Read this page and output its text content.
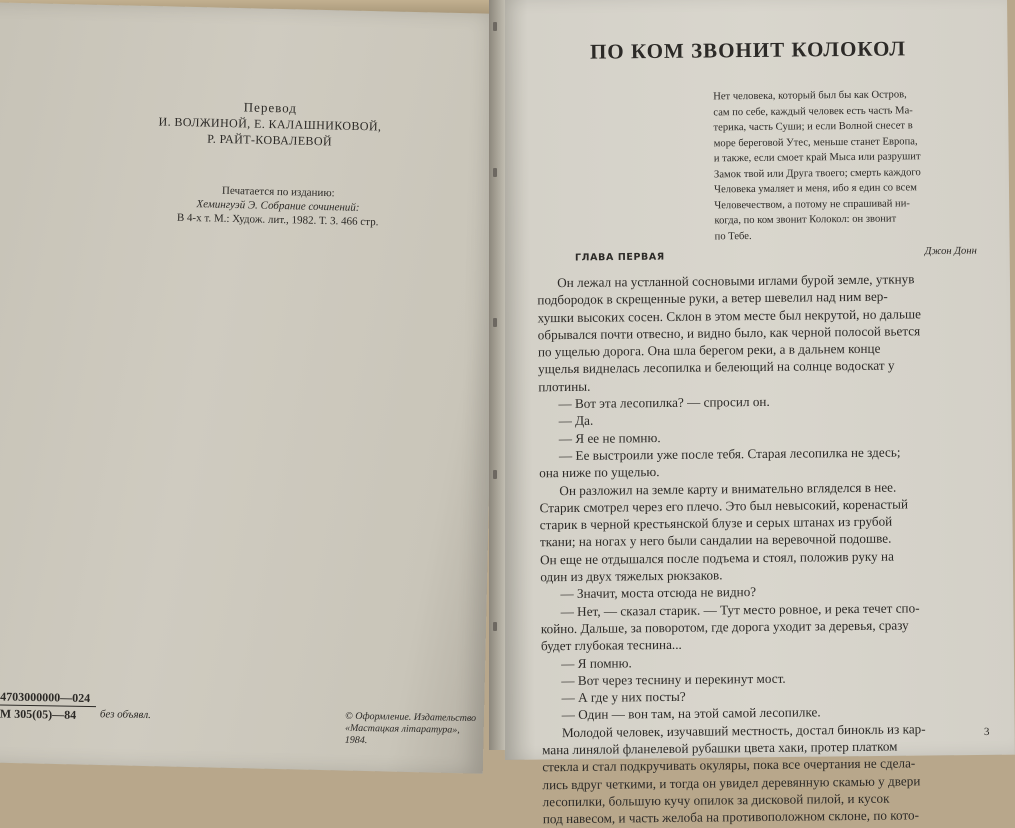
Перевод
И. ВОЛЖИНОЙ, Е. КАЛАШНИКОВОЙ,
Р. РАЙТ-КОВАЛЕВОЙ
Печатается по изданию:
Хемингуэй Э. Собрание сочинений:
В 4-х т. М.: Худож. лит., 1982. Т. 3. 466 стр.
4703000000—024
М 305(05)—84	без объявл.	© Оформление. Издательство
«Мастацкая лiтаратура»,
1984.
ПО КОМ ЗВОНИТ КОЛОКОЛ
Нет человека, который был бы как Остров,
сам по себе, каждый человек есть часть Ма-
терика, часть Суши; и если Волной снесет в
море береговой Утес, меньше станет Европа,
и также, если смоет край Мыса или разрушит
Замок твой или Друга твоего; смерть каждого
Человека умаляет и меня, ибо я един со всем
Человечеством, а потому не спрашивай ни-
когда, по ком звонит Колокол: он звонит
по Тебе.
Джон Донн
ГЛАВА ПЕРВАЯ
Он лежал на устланной сосновыми иглами бурой земле, уткнув
подбородок в скрещенные руки, а ветер шевелил над ним вер-
хушки высоких сосен. Склон в этом месте был некрутой, но дальше
обрывался почти отвесно, и видно было, как черной полосой вьется
по ущелью дорога. Она шла берегом реки, а в дальнем конце
ущелья виднелась лесопилка и белеющий на солнце водоскат у
плотины.
— Вот эта лесопилка? — спросил он.
— Да.
— Я ее не помню.
— Ее выстроили уже после тебя. Старая лесопилка не здесь;
она ниже по ущелью.
Он разложил на земле карту и внимательно вгляделся в нее.
Старик смотрел через его плечо. Это был невысокий, коренастый
старик в черной крестьянской блузе и серых штанах из грубой
ткани; на ногах у него были сандалии на веревочной подошве.
Он еще не отдышался после подъема и стоял, положив руку на
один из двух тяжелых рюкзаков.
— Значит, моста отсюда не видно?
— Нет, — сказал старик. — Тут место ровное, и река течет спо-
койно. Дальше, за поворотом, где дорога уходит за деревья, сразу
будет глубокая теснина...
— Я помню.
— Вот через теснину и перекинут мост.
— А где у них посты?
— Один — вон там, на этой самой лесопилке.
Молодой человек, изучавший местность, достал бинокль из кар-
мана линялой фланелевой рубашки цвета хаки, протер платком
стекла и стал подкручивать окуляры, пока все очертания не сдела-
лись вдруг четкими, и тогда он увидел деревянную скамью у двери
лесопилки, большую кучу опилок за дисковой пилой, и кусок
под навесом, и часть желоба на противоположном склоне, по кото-
3
